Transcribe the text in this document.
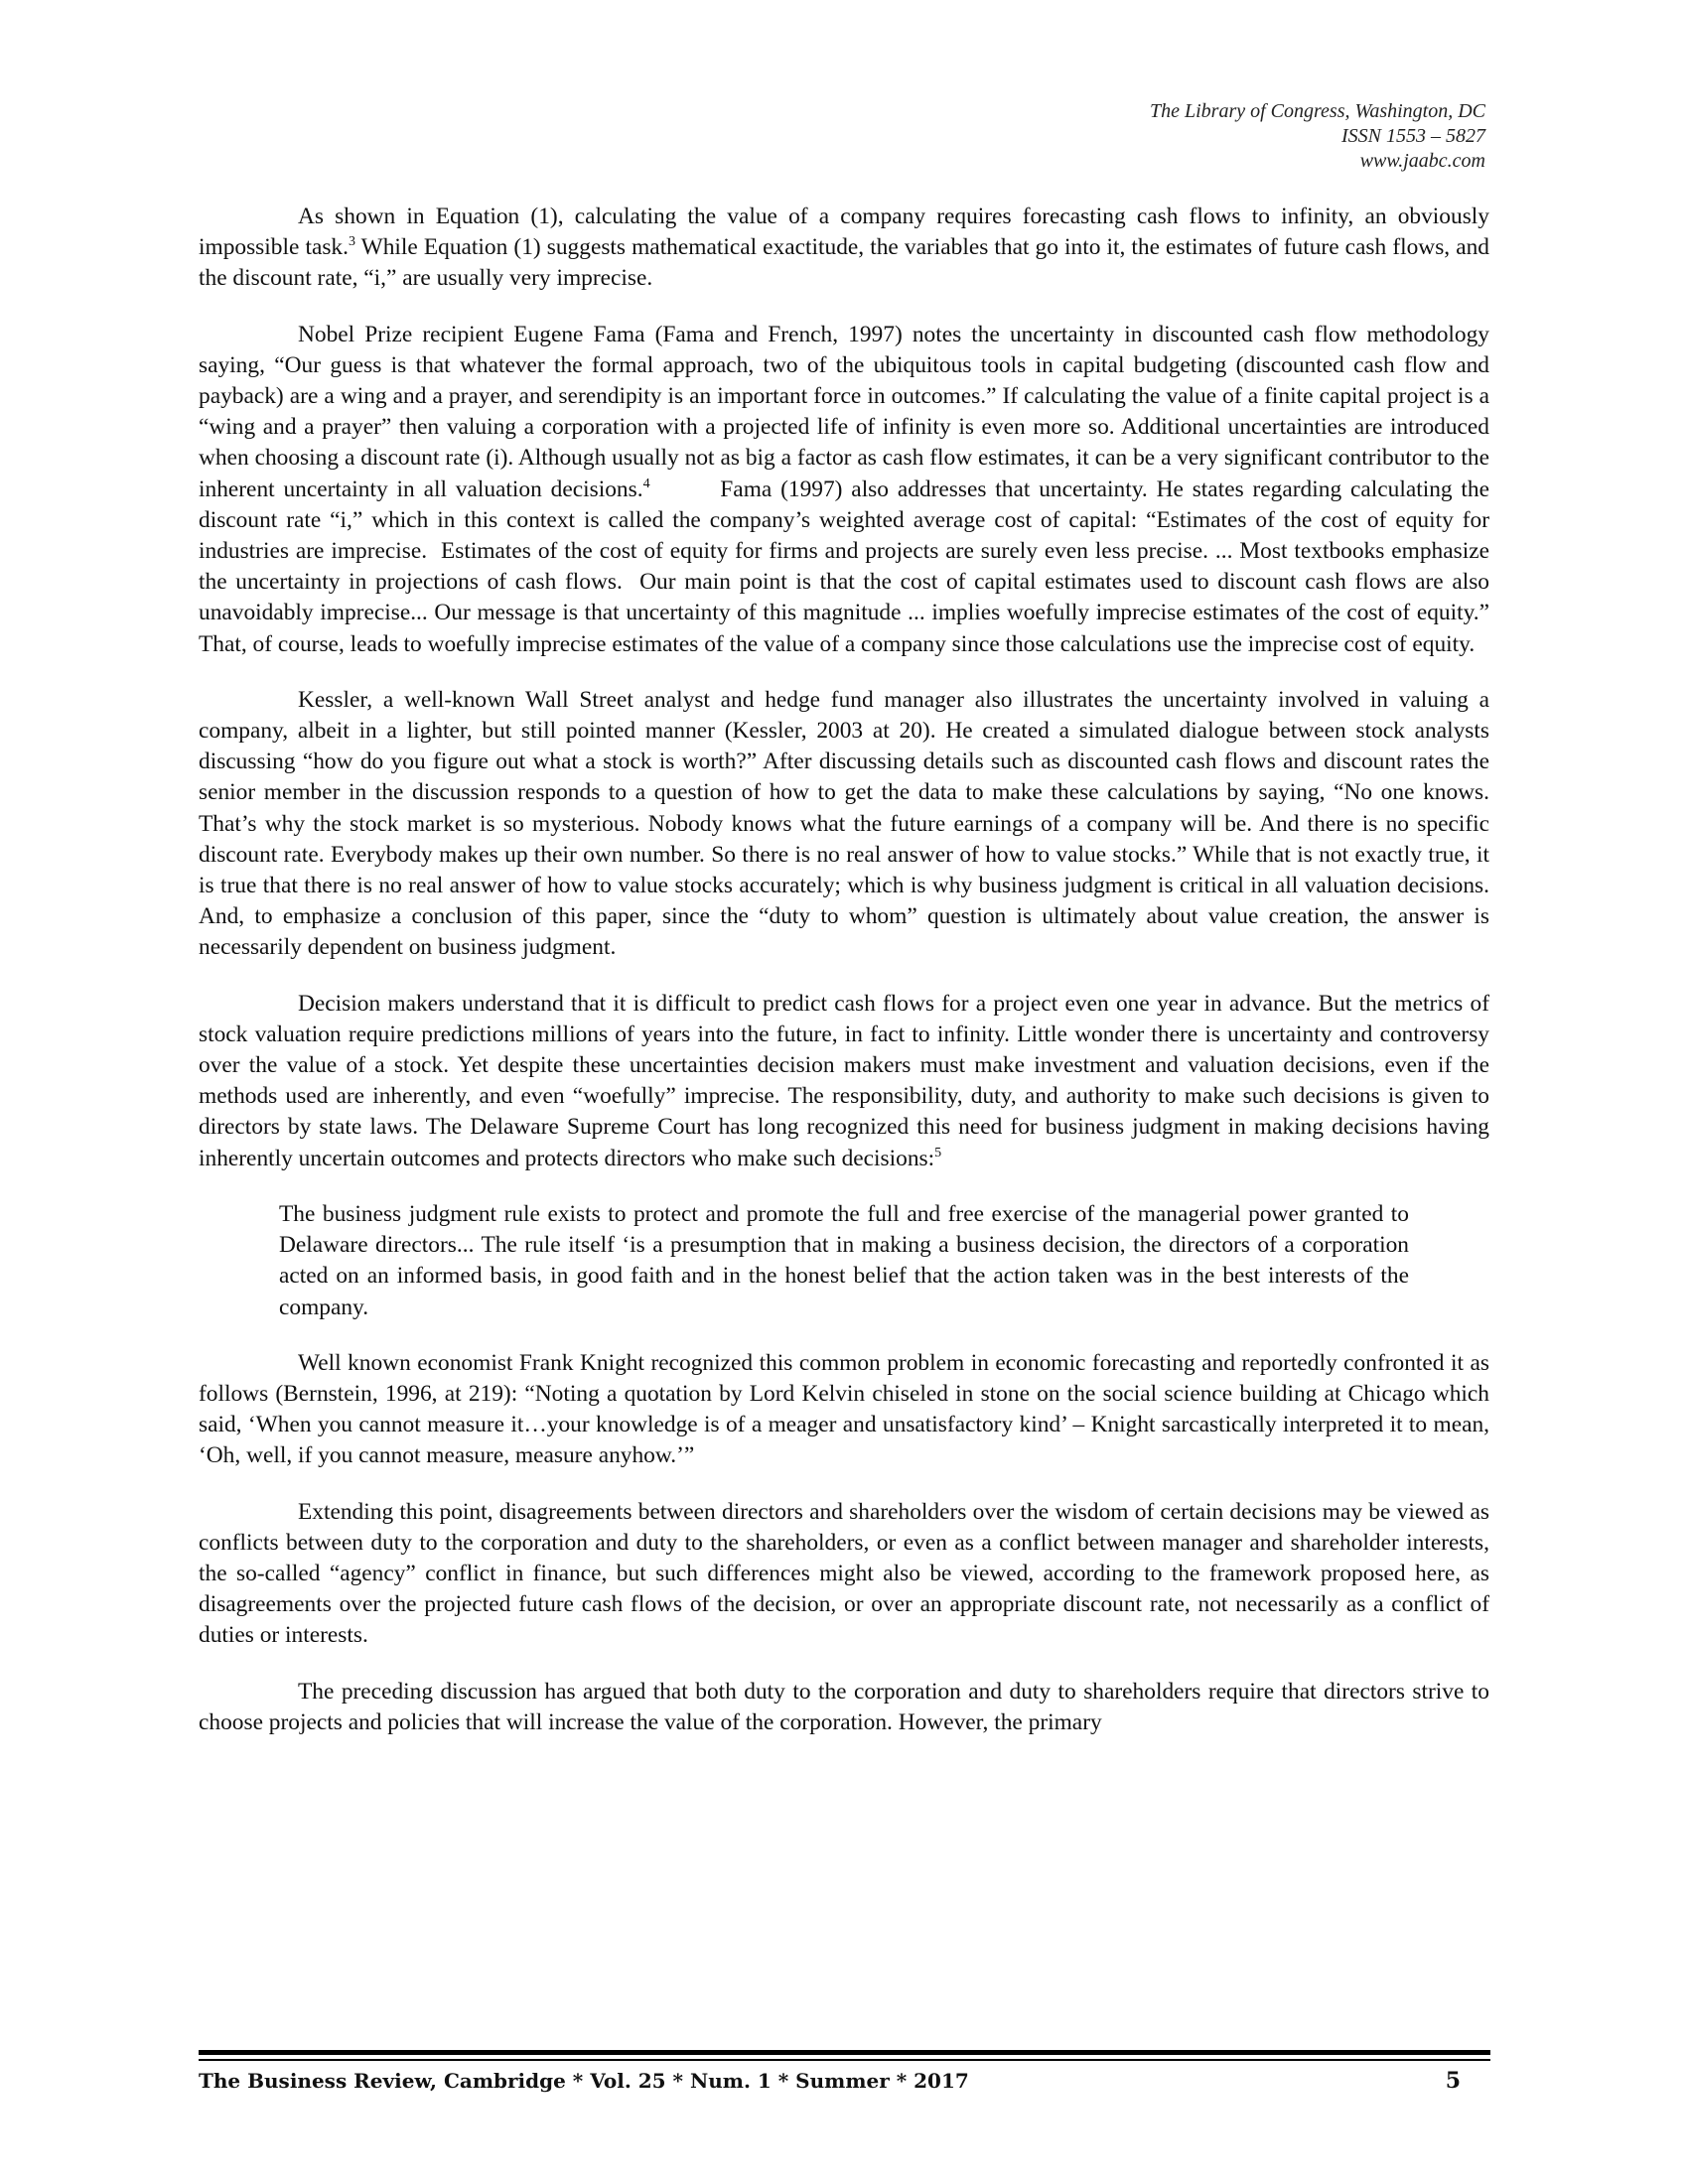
The Library of Congress, Washington, DC
ISSN 1553 – 5827
www.jaabc.com

As shown in Equation (1), calculating the value of a company requires forecasting cash flows to infinity, an obviously impossible task.$^3$ While Equation (1) suggests mathematical exactitude, the variables that go into it, the estimates of future cash flows, and the discount rate, “i,” are usually very imprecise.

Nobel Prize recipient Eugene Fama (Fama and French, 1997) notes the uncertainty in discounted cash flow methodology saying, “Our guess is that whatever the formal approach, two of the ubiquitous tools in capital budgeting (discounted cash flow and payback) are a wing and a prayer, and serendipity is an important force in outcomes.” If calculating the value of a finite capital project is a “wing and a prayer” then valuing a corporation with a projected life of infinity is even more so. Additional uncertainties are introduced when choosing a discount rate (i). Although usually not as big a factor as cash flow estimates, it can be a very significant contributor to the inherent uncertainty in all valuation decisions.$^4$        Fama (1997) also addresses that uncertainty. He states regarding calculating the discount rate “i,” which in this context is called the company’s weighted average cost of capital: “Estimates of the cost of equity for industries are imprecise.  Estimates of the cost of equity for firms and projects are surely even less precise. ... Most textbooks emphasize the uncertainty in projections of cash flows.  Our main point is that the cost of capital estimates used to discount cash flows are also unavoidably imprecise... Our message is that uncertainty of this magnitude ... implies woefully imprecise estimates of the cost of equity.” That, of course, leads to woefully imprecise estimates of the value of a company since those calculations use the imprecise cost of equity.

Kessler, a well-known Wall Street analyst and hedge fund manager also illustrates the uncertainty involved in valuing a company, albeit in a lighter, but still pointed manner (Kessler, 2003 at 20). He created a simulated dialogue between stock analysts discussing “how do you figure out what a stock is worth?” After discussing details such as discounted cash flows and discount rates the senior member in the discussion responds to a question of how to get the data to make these calculations by saying, “No one knows. That’s why the stock market is so mysterious. Nobody knows what the future earnings of a company will be. And there is no specific discount rate. Everybody makes up their own number. So there is no real answer of how to value stocks.” While that is not exactly true, it is true that there is no real answer of how to value stocks accurately; which is why business judgment is critical in all valuation decisions. And, to emphasize a conclusion of this paper, since the “duty to whom” question is ultimately about value creation, the answer is necessarily dependent on business judgment.

Decision makers understand that it is difficult to predict cash flows for a project even one year in advance. But the metrics of stock valuation require predictions millions of years into the future, in fact to infinity. Little wonder there is uncertainty and controversy over the value of a stock. Yet despite these uncertainties decision makers must make investment and valuation decisions, even if the methods used are inherently, and even “woefully” imprecise. The responsibility, duty, and authority to make such decisions is given to directors by state laws. The Delaware Supreme Court has long recognized this need for business judgment in making decisions having inherently uncertain outcomes and protects directors who make such decisions:$^5$

The business judgment rule exists to protect and promote the full and free exercise of the managerial power granted to Delaware directors... The rule itself ‘is a presumption that in making a business decision, the directors of a corporation acted on an informed basis, in good faith and in the honest belief that the action taken was in the best interests of the company.

Well known economist Frank Knight recognized this common problem in economic forecasting and reportedly confronted it as follows (Bernstein, 1996, at 219): “Noting a quotation by Lord Kelvin chiseled in stone on the social science building at Chicago which said, ‘When you cannot measure it…your knowledge is of a meager and unsatisfactory kind’ – Knight sarcastically interpreted it to mean, ‘Oh, well, if you cannot measure, measure anyhow.’”

Extending this point, disagreements between directors and shareholders over the wisdom of certain decisions may be viewed as conflicts between duty to the corporation and duty to the shareholders, or even as a conflict between manager and shareholder interests, the so-called “agency” conflict in finance, but such differences might also be viewed, according to the framework proposed here, as disagreements over the projected future cash flows of the decision, or over an appropriate discount rate, not necessarily as a conflict of duties or interests.

The preceding discussion has argued that both duty to the corporation and duty to shareholders require that directors strive to choose projects and policies that will increase the value of the corporation. However, the primary

The Business Review, Cambridge * Vol. 25 * Num. 1 * Summer * 2017	5
